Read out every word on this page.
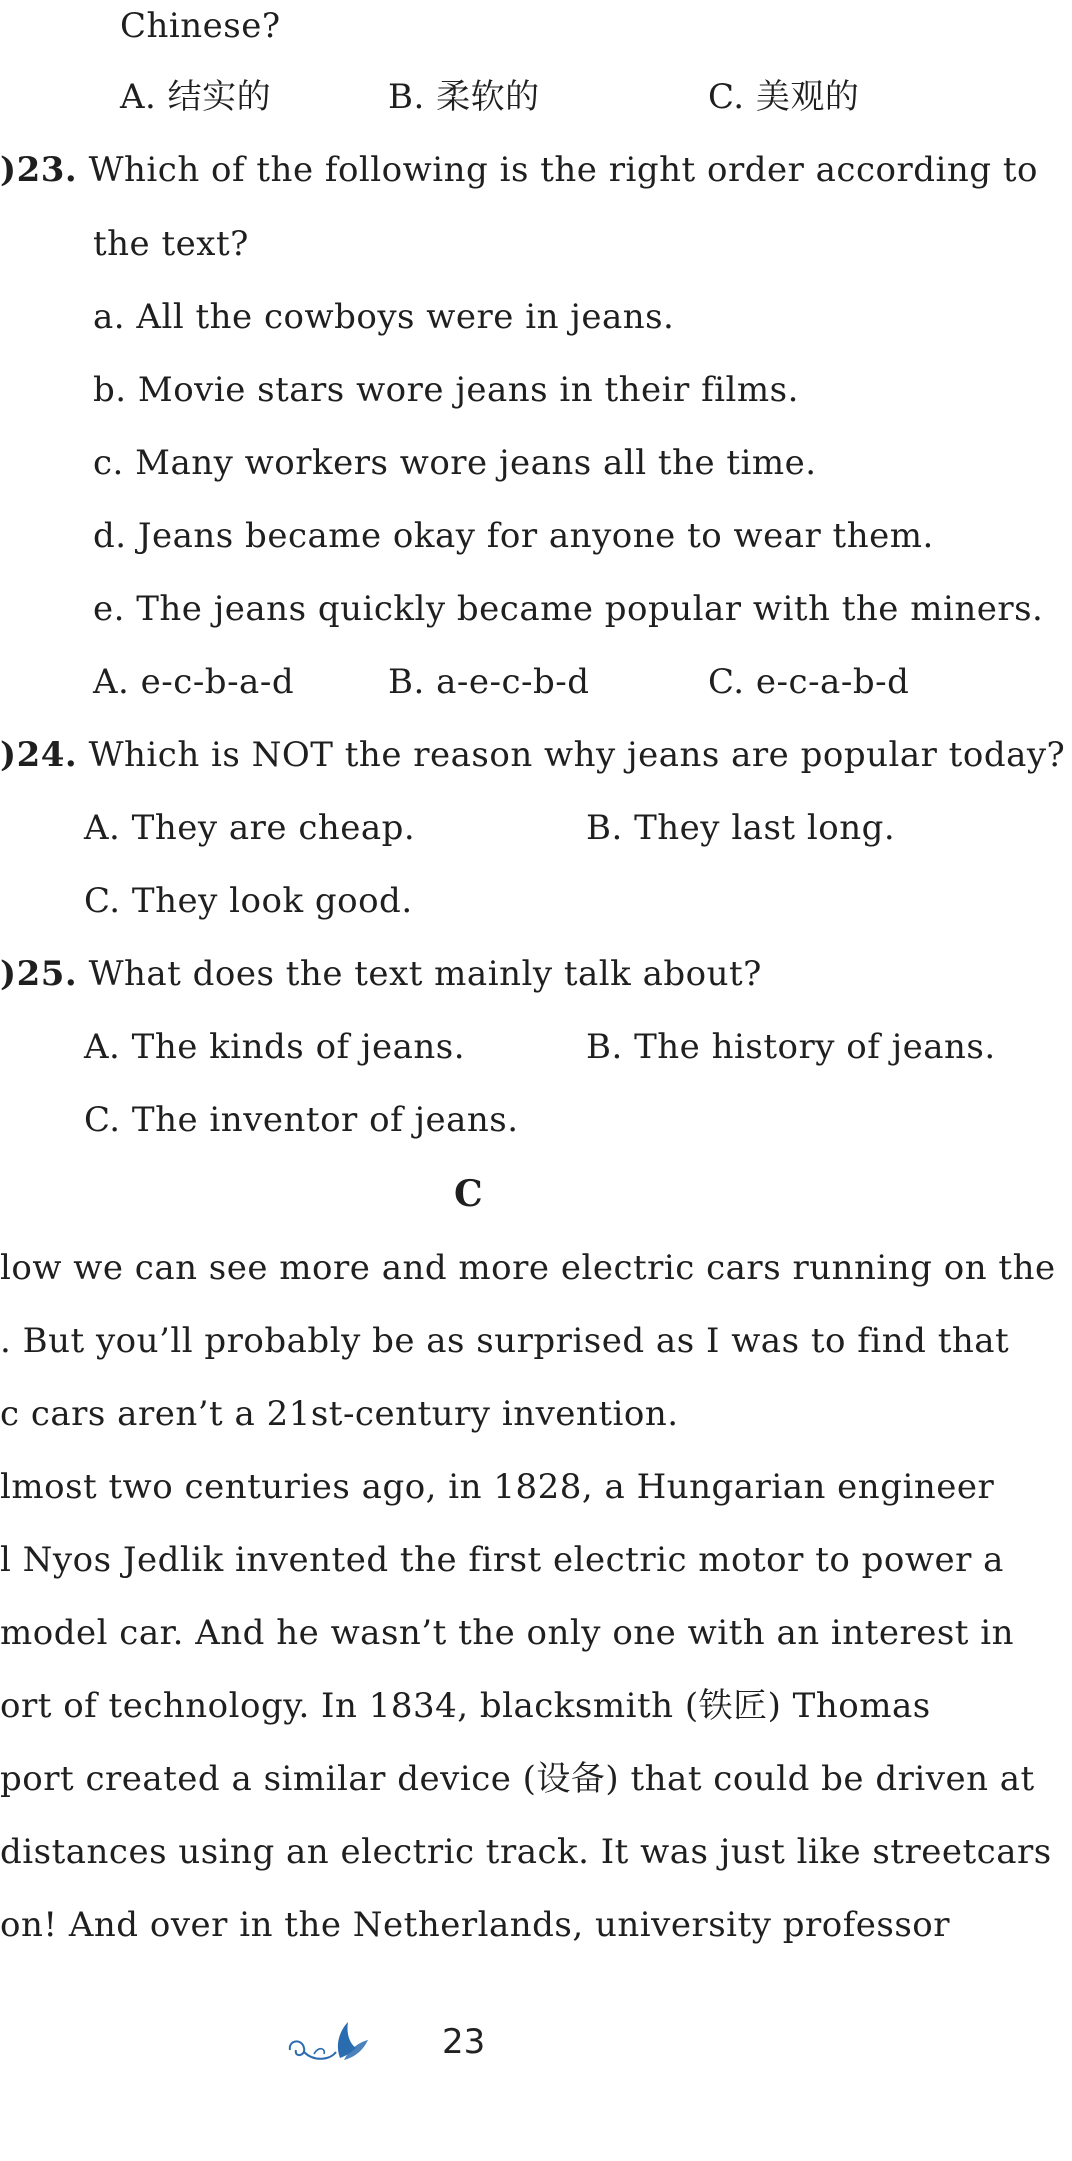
Chinese?
A. 结实的	B. 柔软的	C. 美观的
)23. Which of the following is the right order according to
the text?
a. All the cowboys were in jeans.
b. Movie stars wore jeans in their films.
c. Many workers wore jeans all the time.
d. Jeans became okay for anyone to wear them.
e. The jeans quickly became popular with the miners.
A. e-c-b-a-d	B. a-e-c-b-d	C. e-c-a-b-d
)24. Which is NOT the reason why jeans are popular today?
A. They are cheap.	B. They last long.
C. They look good.
)25. What does the text mainly talk about?
A. The kinds of jeans.	B. The history of jeans.
C. The inventor of jeans.
C
low we can see more and more electric cars running on the
. But you’ll probably be as surprised as I was to find that
c cars aren’t a 21st-century invention.
lmost two centuries ago, in 1828, a Hungarian engineer
l Nyos Jedlik invented the first electric motor to power a
model car. And he wasn’t the only one with an interest in
ort of technology. In 1834, blacksmith (铁匠) Thomas
port created a similar device (设备) that could be driven at
distances using an electric track. It was just like streetcars
on! And over in the Netherlands, university professor
23
